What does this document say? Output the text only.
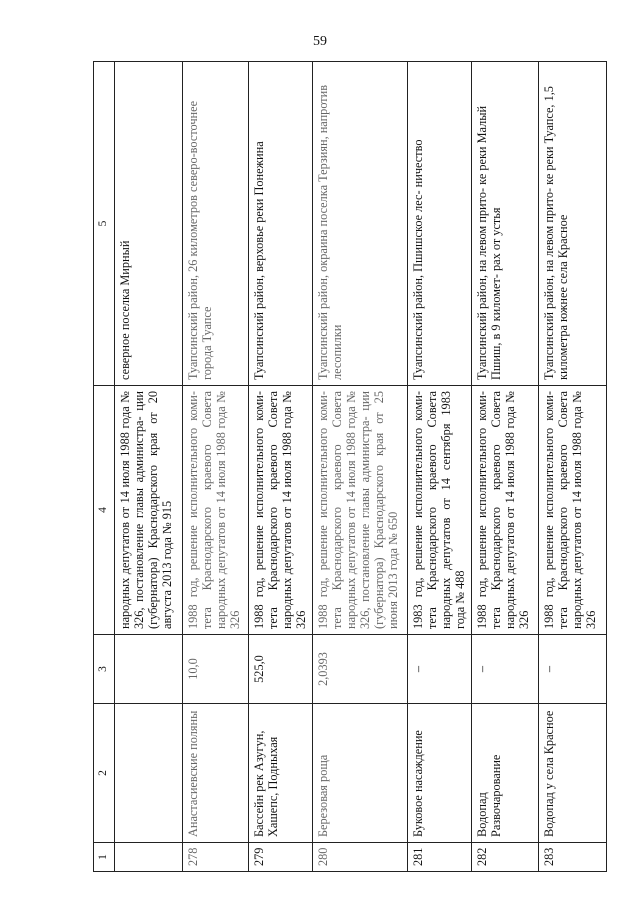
59
1	2	3	4	5
			народных депутатов от 14 июля 1988 года № 326, постановление главы администра- ции (губернатора) Краснодарского края от 20 августа 2013 года № 915	северное поселка Мирный
278	Анастасиевские поляны	10,0	1988 год, решение исполнительного коми- тета Краснодарского краевого Совета народных депутатов от 14 июля 1988 года № 326	Туапсинский район, 26 километров северо-восточнее города Туапсе
279	Бассейн рек Азугун, Хашепс, Подныхая	525,0	1988 год, решение исполнительного коми- тета Краснодарского краевого Совета народных депутатов от 14 июля 1988 года № 326	Туапсинский район, верховье реки Понежина
280	Березовая роща	2,0393	1988 год, решение исполнительного коми- тета Краснодарского краевого Совета народных депутатов от 14 июля 1988 года № 326, постановление главы администра- ции (губернатора) Краснодарского края от 25 июня 2013 года № 650	Туапсинский район, окраина поселка Терзиян, напротив лесопилки
281	Буковое насаждение	–	1983 год, решение исполнительного коми- тета Краснодарского краевого Совета народных депутатов от 14 сентября 1983 года № 488	Туапсинский район, Пшишское лес- ничество
282	Водопад Развочарование	–	1988 год, решение исполнительного коми- тета Краснодарского краевого Совета народных депутатов от 14 июля 1988 года № 326	Туапсинский район, на левом прито- ке реки Малый Пшиш, в 9 километ- рах от устья
283	Водопад у села Красное	–	1988 год, решение исполнительного коми- тета Краснодарского краевого Совета народных депутатов от 14 июля 1988 года № 326	Туапсинский район, на левом прито- ке реки Туапсе, 1,5 километра южнее села Красное
